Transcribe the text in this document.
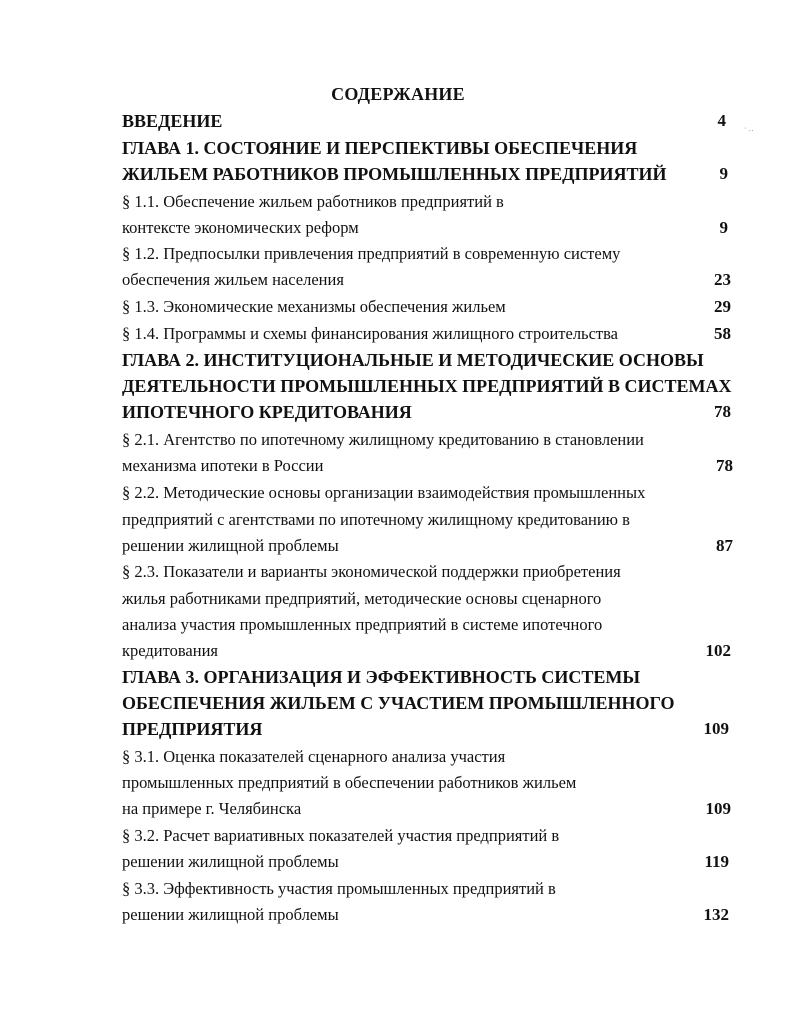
СОДЕРЖАНИЕ
ВВЕДЕНИЕ	4 ‧ ‥
ГЛАВА 1. СОСТОЯНИЕ И ПЕРСПЕКТИВЫ ОБЕСПЕЧЕНИЯ
ЖИЛЬЕМ РАБОТНИКОВ ПРОМЫШЛЕННЫХ ПРЕДПРИЯТИЙ	9
§ 1.1. Обеспечение жильем работников предприятий в
контексте экономических реформ	9
§ 1.2. Предпосылки привлечения предприятий в современную систему
обеспечения жильем населения	23
§ 1.3. Экономические механизмы обеспечения жильем	29
§ 1.4. Программы и схемы финансирования жилищного строительства	58
ГЛАВА 2. ИНСТИТУЦИОНАЛЬНЫЕ И МЕТОДИЧЕСКИЕ ОСНОВЫ
ДЕЯТЕЛЬНОСТИ ПРОМЫШЛЕННЫХ ПРЕДПРИЯТИЙ В СИСТЕМАХ
ИПОТЕЧНОГО КРЕДИТОВАНИЯ	78
§ 2.1. Агентство по ипотечному жилищному кредитованию в становлении
механизма ипотеки в России	78
§ 2.2. Методические основы организации взаимодействия промышленных
предприятий с агентствами по ипотечному жилищному кредитованию в
решении жилищной проблемы	87
§ 2.3. Показатели и варианты экономической поддержки приобретения
жилья работниками предприятий, методические основы сценарного
анализа участия промышленных предприятий в системе ипотечного
кредитования	102
ГЛАВА 3. ОРГАНИЗАЦИЯ И ЭФФЕКТИВНОСТЬ СИСТЕМЫ
ОБЕСПЕЧЕНИЯ ЖИЛЬЕМ С УЧАСТИЕМ ПРОМЫШЛЕННОГО
ПРЕДПРИЯТИЯ	109
§ 3.1. Оценка показателей сценарного анализа участия
промышленных предприятий в обеспечении работников жильем
на примере г. Челябинска	109
§ 3.2. Расчет вариативных показателей участия предприятий в
решении жилищной проблемы	119
§ 3.3. Эффективность участия промышленных предприятий в
решении жилищной проблемы	132
